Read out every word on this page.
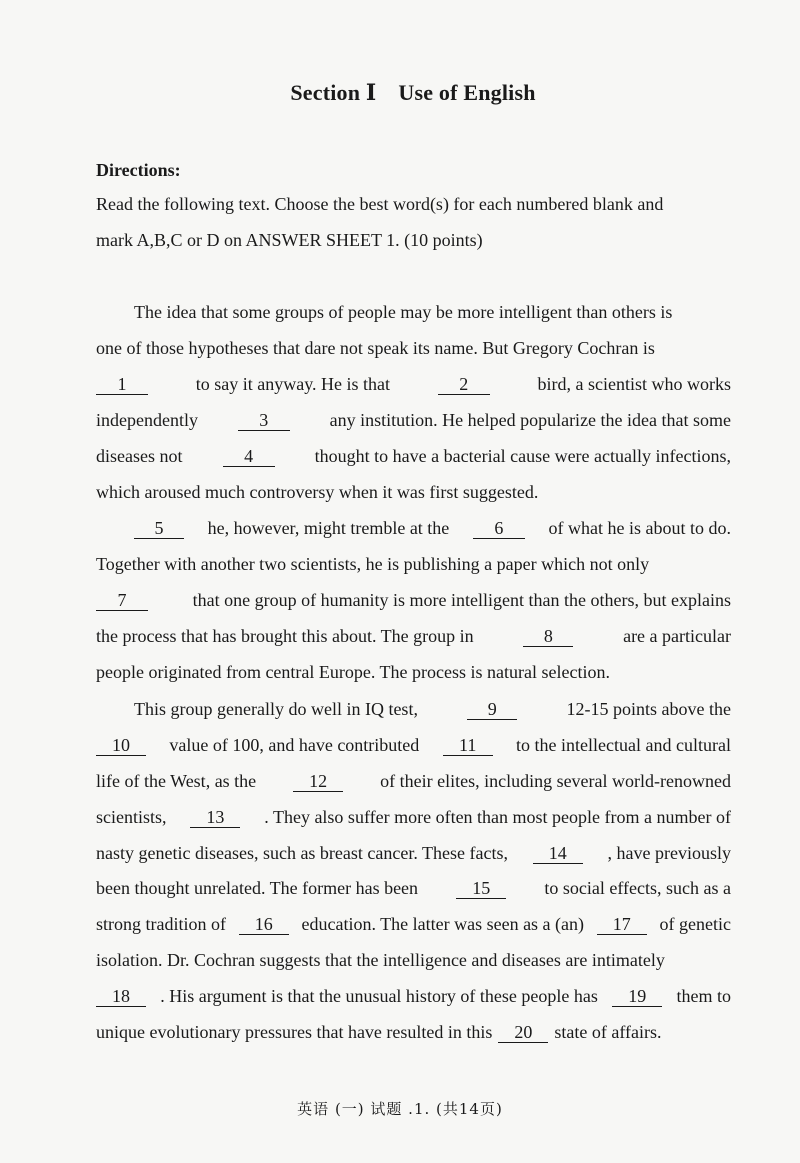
Section Ⅰ Use of English
Directions:
Read the following text. Choose the best word(s) for each numbered blank and
mark A,B,C or D on ANSWER SHEET 1. (10 points)
The idea that some groups of people may be more intelligent than others is
one of those hypotheses that dare not speak its name. But Gregory Cochran is
1	to say it anyway. He is that	2	bird, a scientist who works
independently	3	any institution. He helped popularize the idea that some
diseases not	4	thought to have a bacterial cause were actually infections,
which aroused much controversy when it was first suggested.
5	he, however, might tremble at the	6	of what he is about to do.
Together with another two scientists, he is publishing a paper which not only
7	that one group of humanity is more intelligent than the others, but explains
the process that has brought this about. The group in	8	are a particular
people originated from central Europe. The process is natural selection.
This group generally do well in IQ test,	9	12-15 points above the
10	value of 100, and have contributed	11	to the intellectual and cultural
life of the West, as the	12	of their elites, including several world-renowned
scientists,	13	. They also suffer more often than most people from a number of
nasty genetic diseases, such as breast cancer. These facts,	14	, have previously
been thought unrelated. The former has been	15	to social effects, such as a
strong tradition of	16	education. The latter was seen as a (an)	17	of genetic
isolation. Dr. Cochran suggests that the intelligence and diseases are intimately
18	. His argument is that the unusual history of these people has	19	them to
unique evolutionary pressures that have resulted in this	20	state of affairs.
英语 (一) 试题 .1. (共14页)
